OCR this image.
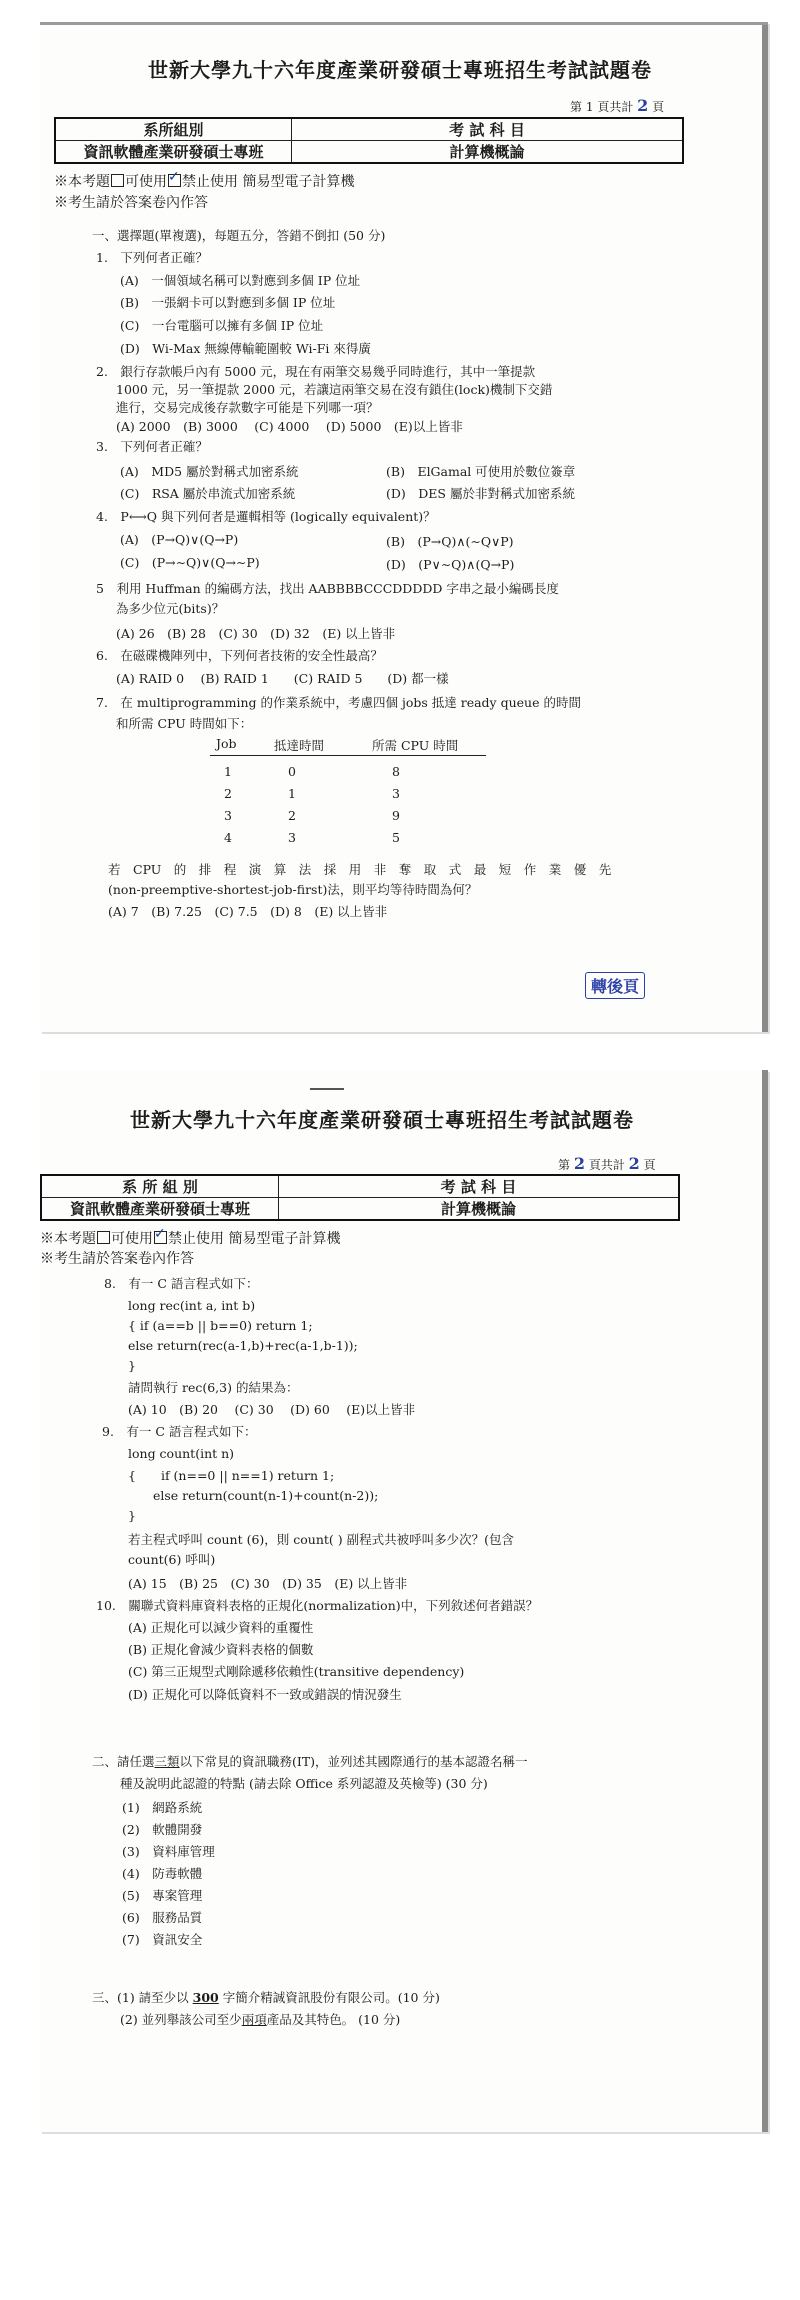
世新大學九十六年度產業研發碩士專班招生考試試題卷
第 1 頁共計 2 頁
系所組別	考 試 科 目
資訊軟體產業研發碩士專班	計算機概論
※本考題 可使用 ✓ 禁止使用 簡易型電子計算機
※考生請於答案卷內作答
一、選擇題(單複選)，每題五分，答錯不倒扣 (50 分)
1.　下列何者正確？
(A)　一個領域名稱可以對應到多個 IP 位址
(B)　一張網卡可以對應到多個 IP 位址
(C)　一台電腦可以擁有多個 IP 位址
(D)　Wi-Max 無線傳輸範圍較 Wi-Fi 來得廣
2.　銀行存款帳戶內有 5000 元，現在有兩筆交易幾乎同時進行，其中一筆提款
1000 元，另一筆提款 2000 元，若讓這兩筆交易在沒有鎖住(lock)機制下交錯
進行，交易完成後存款數字可能是下列哪一項？
(A) 2000　(B) 3000　 (C) 4000　 (D) 5000　(E)以上皆非
3.　下列何者正確？
(A)　MD5 屬於對稱式加密系統	(B)　ElGamal 可使用於數位簽章
(C)　RSA 屬於串流式加密系統	(D)　DES 屬於非對稱式加密系統
4.　P⟷Q 與下列何者是邏輯相等 (logically equivalent)？
(A)　(P→Q)∨(Q→P)	(B)　(P→Q)∧(∼Q∨P)
(C)　(P→∼Q)∨(Q→∼P)	(D)　(P∨∼Q)∧(Q→P)
5　利用 Huffman 的編碼方法，找出 AABBBBCCCDDDDD 字串之最小編碼長度
為多少位元(bits)？
(A) 26　(B) 28　(C) 30　(D) 32　(E) 以上皆非
6.　在磁碟機陣列中，下列何者技術的安全性最高？
(A) RAID 0　 (B) RAID 1　　(C) RAID 5　　(D) 都一樣
7.　在 multiprogramming 的作業系統中，考慮四個 jobs 抵達 ready queue 的時間
和所需 CPU 時間如下：
Job	抵達時間	所需 CPU 時間
1	0	8
2	1	3
3	2	9
4	3	5
若　CPU　的　排　程　演　算　法　採　用　非　奪　取　式　最　短　作　業　優　先
(non-preemptive-shortest-job-first)法，則平均等待時間為何？
(A) 7　(B) 7.25　(C) 7.5　(D) 8　(E) 以上皆非
轉後頁
世新大學九十六年度產業研發碩士專班招生考試試題卷
第 2 頁共計 2 頁
系 所 組 別	考 試 科 目
資訊軟體產業研發碩士專班	計算機概論
※本考題 可使用 ✓ 禁止使用 簡易型電子計算機
※考生請於答案卷內作答
8.　有一 C 語言程式如下：
long rec(int a, int b)
{ if (a==b || b==0) return 1;
else return(rec(a-1,b)+rec(a-1,b-1));
}
請問執行 rec(6,3) 的結果為：
(A) 10　(B) 20　 (C) 30　 (D) 60　 (E)以上皆非
9.　有一 C 語言程式如下：
long count(int n)
{　　if (n==0 || n==1) return 1;
　　else return(count(n-1)+count(n-2));
}
若主程式呼叫 count (6)，則 count( ) 副程式共被呼叫多少次？(包含
count(6) 呼叫)
(A) 15　(B) 25　(C) 30　(D) 35　(E) 以上皆非
10.　關聯式資料庫資料表格的正規化(normalization)中，下列敘述何者錯誤？
(A) 正規化可以減少資料的重覆性
(B) 正規化會減少資料表格的個數
(C) 第三正規型式剛除遞移依賴性(transitive dependency)
(D) 正規化可以降低資料不一致或錯誤的情況發生
二、請任選三類以下常見的資訊職務(IT)，並列述其國際通行的基本認證名稱一
種及說明此認證的特點 (請去除 Office 系列認證及英檢等) (30 分)
(1)　網路系統
(2)　軟體開發
(3)　資料庫管理
(4)　防毒軟體
(5)　專案管理
(6)　服務品質
(7)　資訊安全
三、(1) 請至少以 300 字簡介精誠資訊股份有限公司。(10 分)
(2) 並列舉該公司至少兩項產品及其特色。 (10 分)
